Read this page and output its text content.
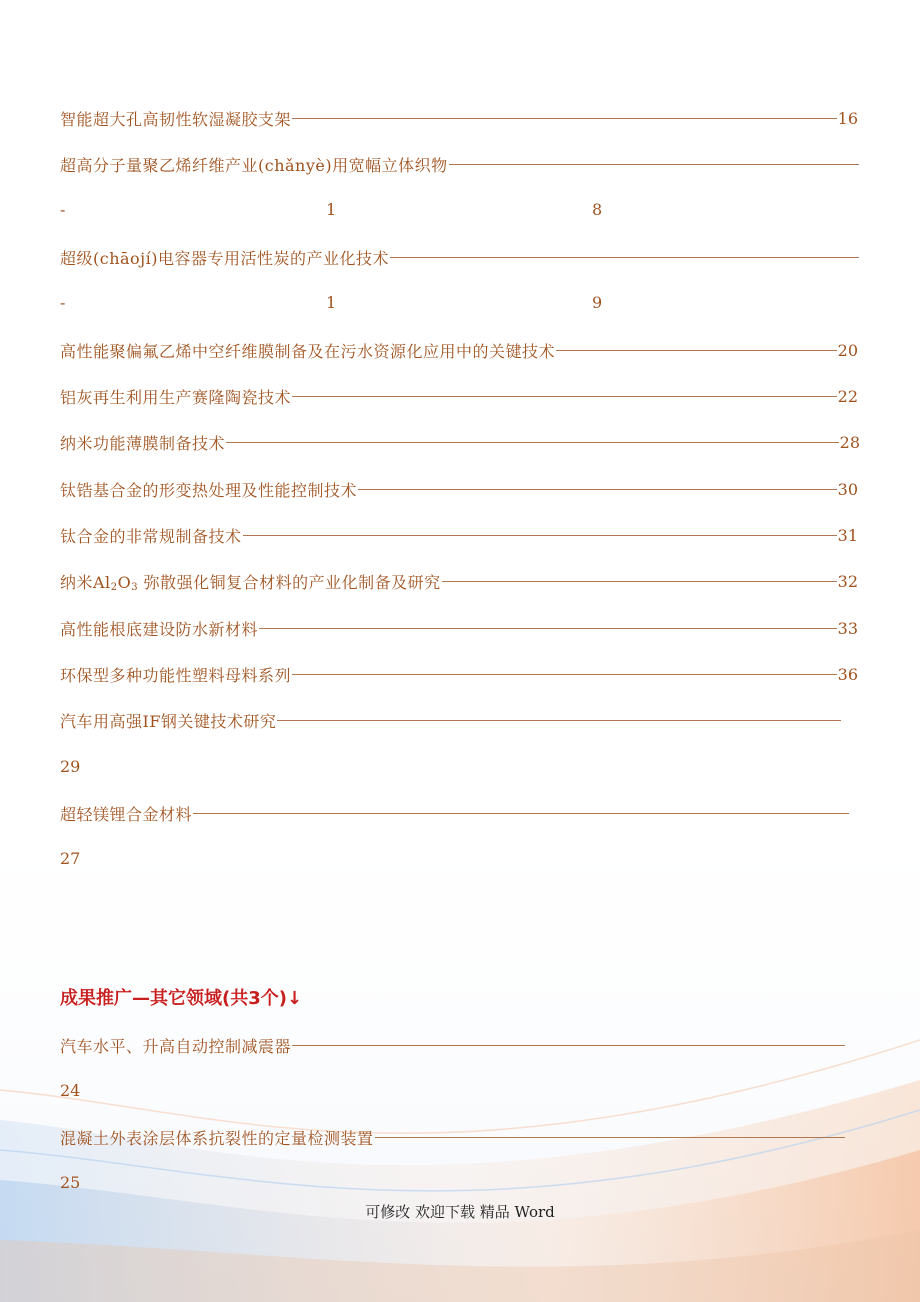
智能超大孔高韧性软湿凝胶支架	16
超高分子量聚乙烯纤维产业(chǎnyè)用宽幅立体织物
-	1	8
超级(chāojí)电容器专用活性炭的产业化技术
-	1	9
高性能聚偏氟乙烯中空纤维膜制备及在污水资源化应用中的关键技术	20
铝灰再生利用生产赛隆陶瓷技术	22
纳米功能薄膜制备技术	28
钛锆基合金的形变热处理及性能控制技术	30
钛合金的非常规制备技术	31
纳米$Al_2O_3$ 弥散强化铜复合材料的产业化制备及研究	32
高性能根底建设防水新材料	33
环保型多种功能性塑料母料系列	36
汽车用高强IF钢关键技术研究
29
超轻镁锂合金材料
27
成果推广—其它领域(共3个)↓
汽车水平、升高自动控制减震器
24
混凝土外表涂层体系抗裂性的定量检测装置
25
可修改 欢迎下载 精品 Word
